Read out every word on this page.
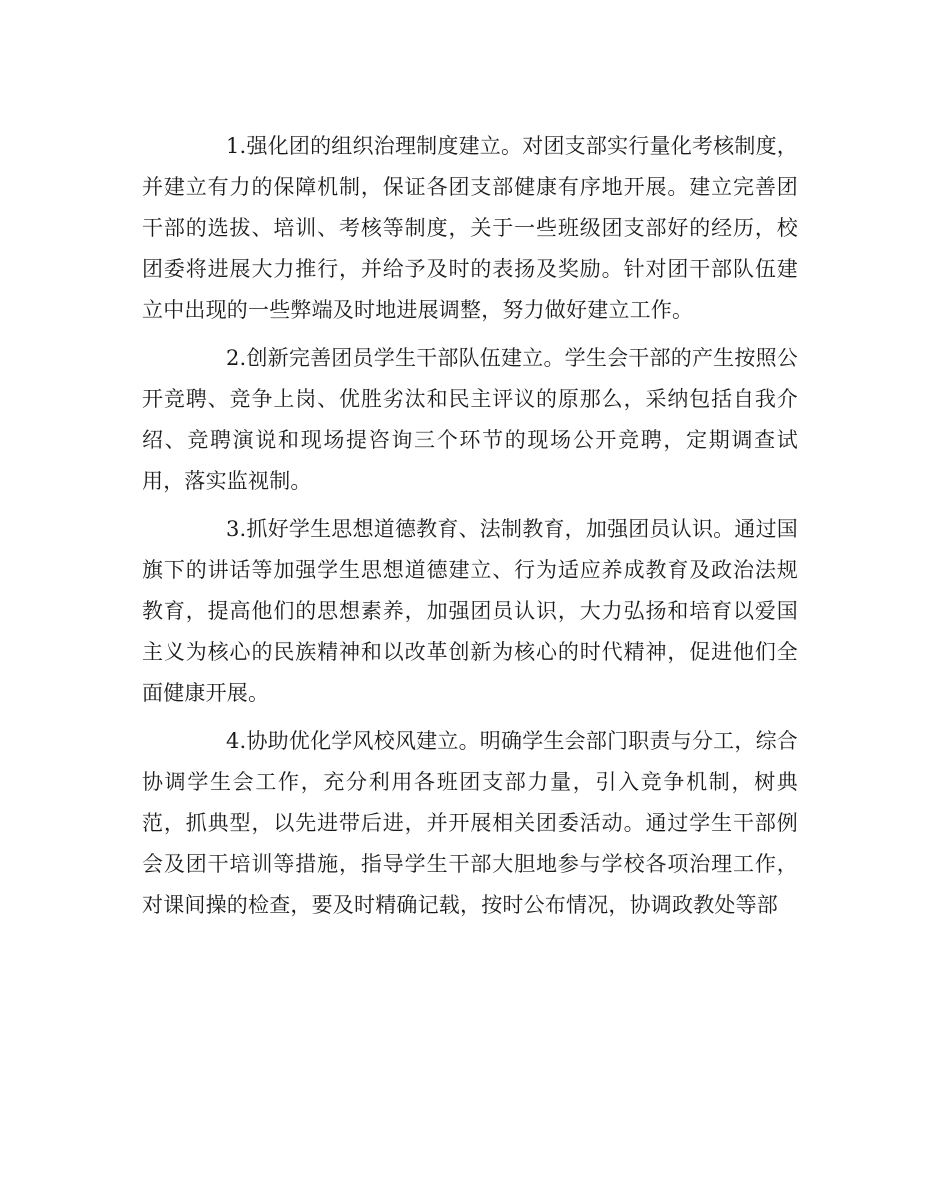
1.强化团的组织治理制度建立。对团支部实行量化考核制度，并建立有力的保障机制，保证各团支部健康有序地开展。建立完善团干部的选拔、培训、考核等制度，关于一些班级团支部好的经历，校团委将进展大力推行，并给予及时的表扬及奖励。针对团干部队伍建立中出现的一些弊端及时地进展调整，努力做好建立工作。

2.创新完善团员学生干部队伍建立。学生会干部的产生按照公开竞聘、竞争上岗、优胜劣汰和民主评议的原那么，采纳包括自我介绍、竞聘演说和现场提咨询三个环节的现场公开竞聘，定期调查试用，落实监视制。

3.抓好学生思想道德教育、法制教育，加强团员认识。通过国旗下的讲话等加强学生思想道德建立、行为适应养成教育及政治法规教育，提高他们的思想素养，加强团员认识，大力弘扬和培育以爱国主义为核心的民族精神和以改革创新为核心的时代精神，促进他们全面健康开展。

4.协助优化学风校风建立。明确学生会部门职责与分工，综合协调学生会工作，充分利用各班团支部力量，引入竞争机制，树典范，抓典型，以先进带后进，并开展相关团委活动。通过学生干部例会及团干培训等措施，指导学生干部大胆地参与学校各项治理工作，对课间操的检查，要及时精确记载，按时公布情况，协调政教处等部
